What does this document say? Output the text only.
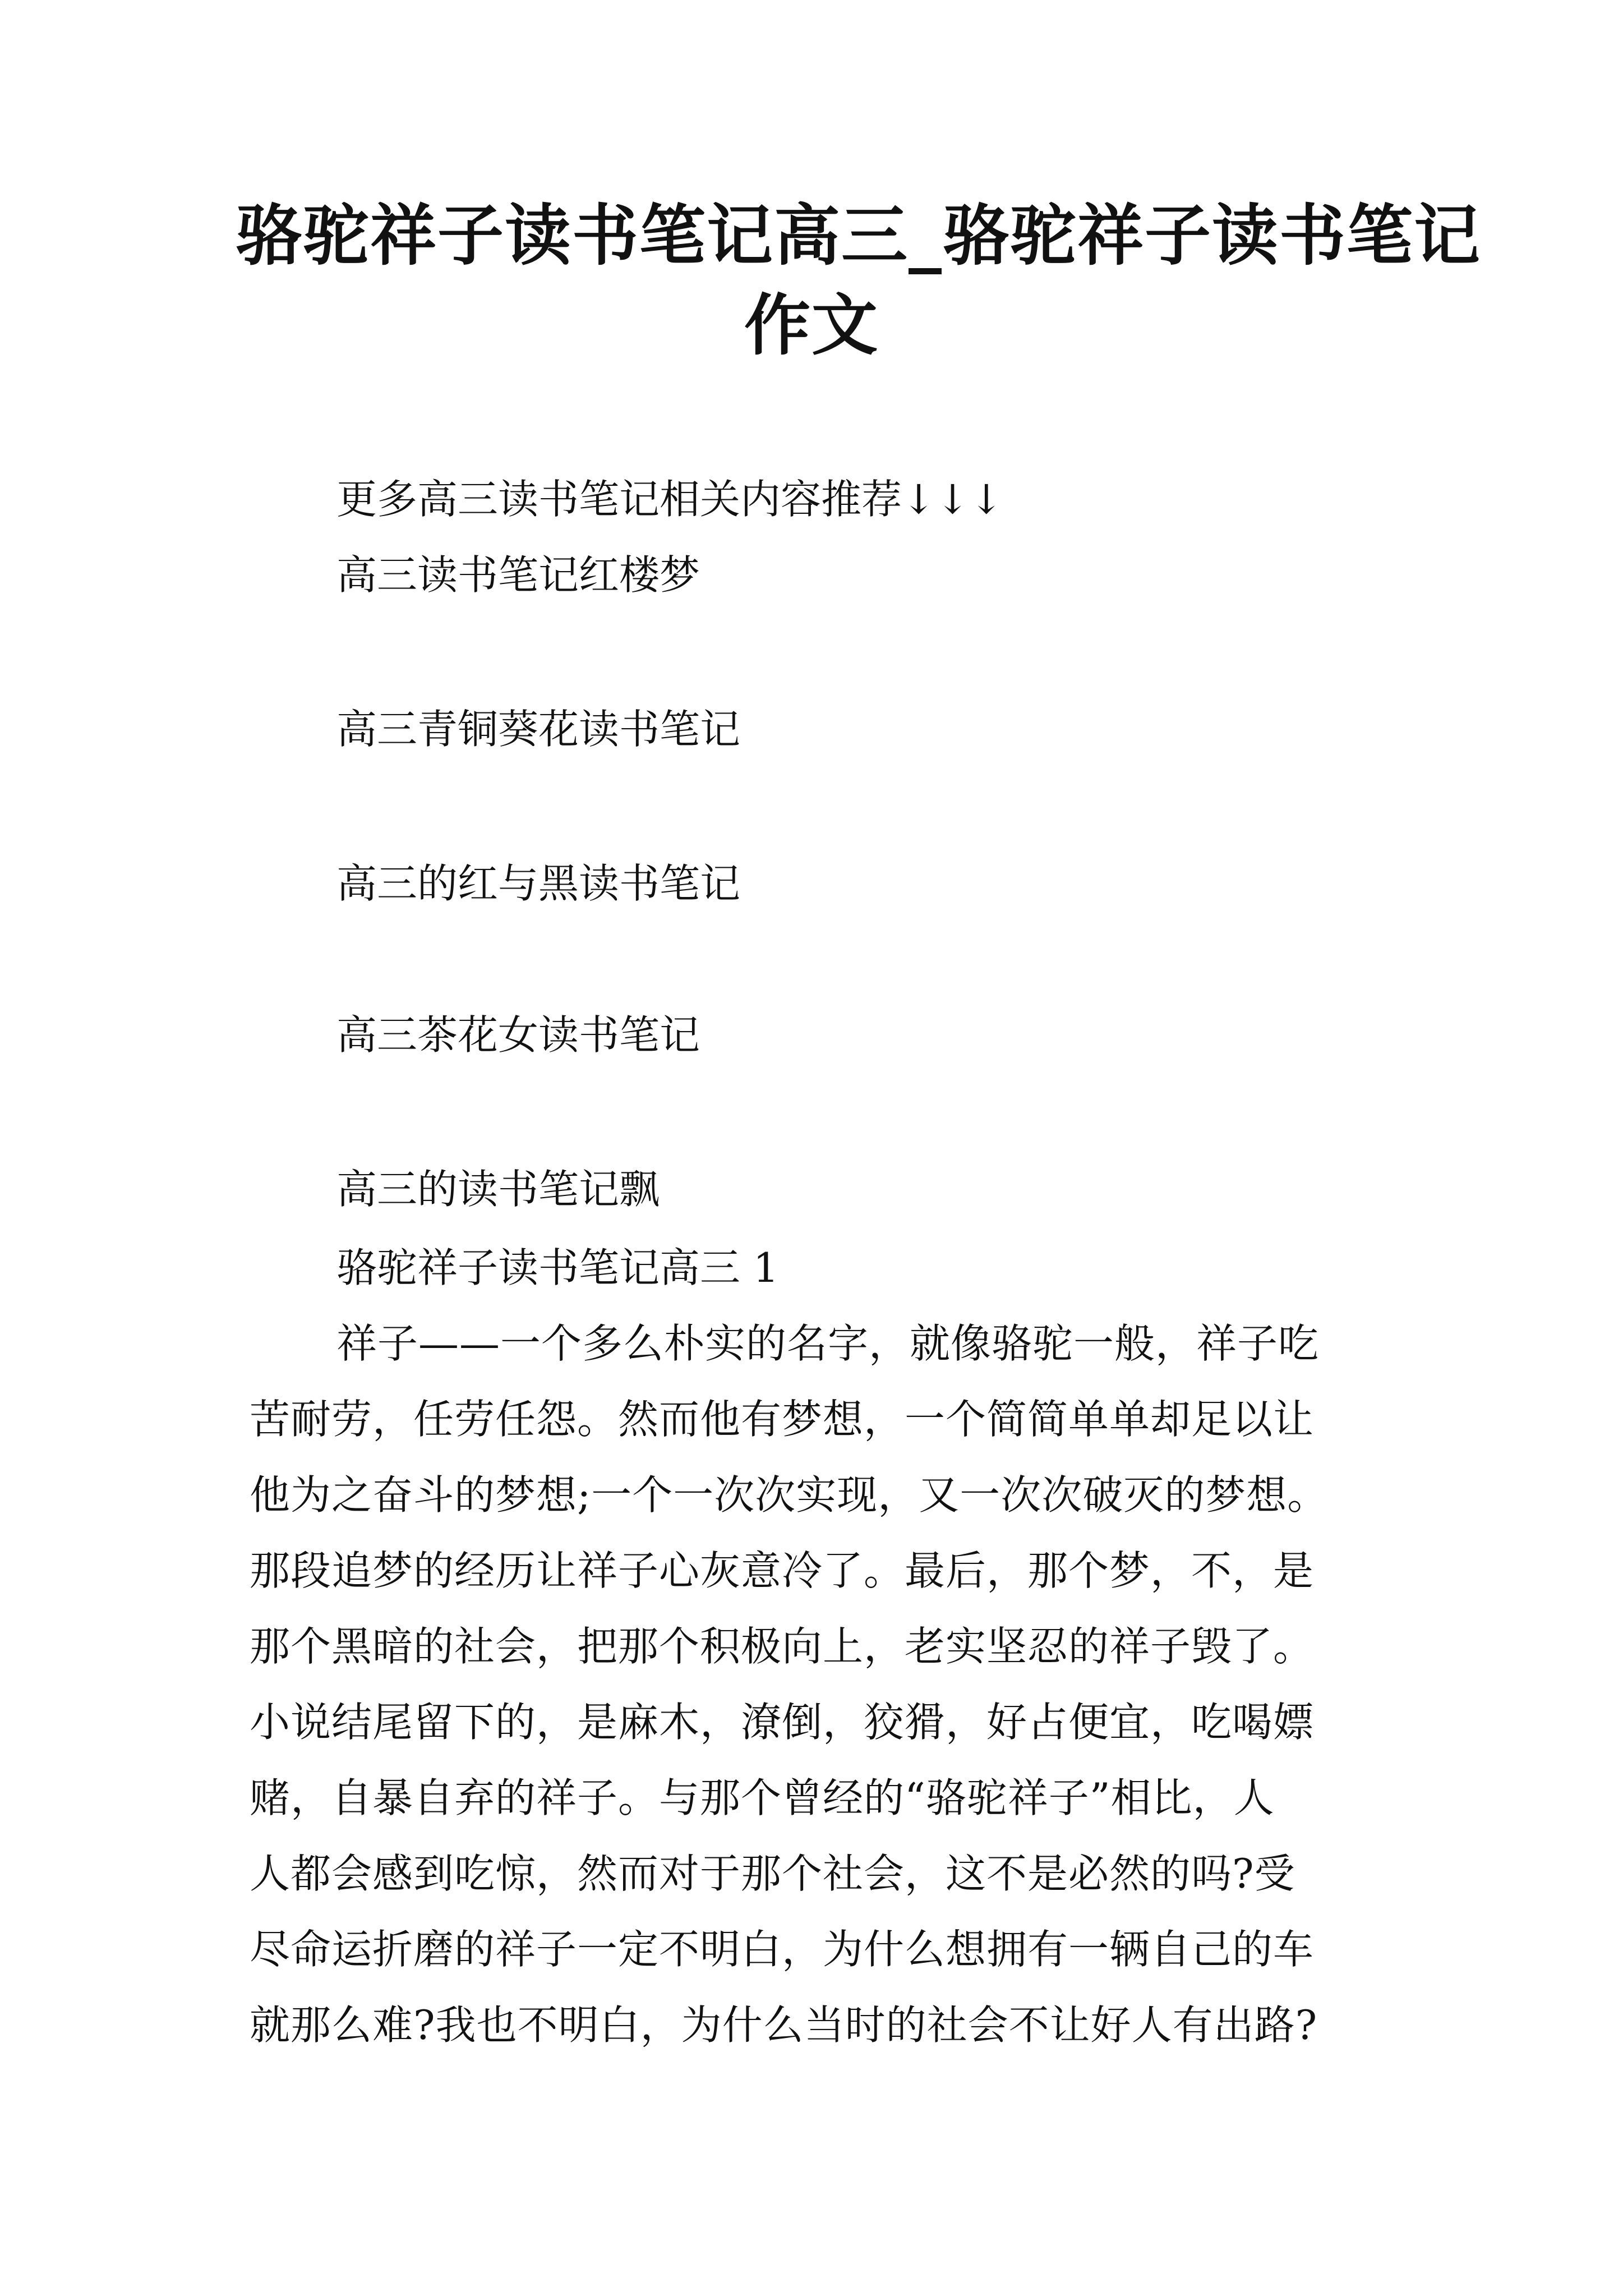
骆驼祥子读书笔记高三_骆驼祥子读书笔记
作文
更多高三读书笔记相关内容推荐↓↓↓
高三读书笔记红楼梦
高三青铜葵花读书笔记
高三的红与黑读书笔记
高三茶花女读书笔记
高三的读书笔记飘
骆驼祥子读书笔记高三 1
祥子——一个多么朴实的名字，就像骆驼一般，祥子吃
苦耐劳，任劳任怨。然而他有梦想，一个简简单单却足以让
他为之奋斗的梦想;一个一次次实现，又一次次破灭的梦想。
那段追梦的经历让祥子心灰意冷了。最后，那个梦，不，是
那个黑暗的社会，把那个积极向上，老实坚忍的祥子毁了。
小说结尾留下的，是麻木，潦倒，狡猾，好占便宜，吃喝嫖
赌，自暴自弃的祥子。与那个曾经的“骆驼祥子”相比，人
人都会感到吃惊，然而对于那个社会，这不是必然的吗?受
尽命运折磨的祥子一定不明白，为什么想拥有一辆自己的车
就那么难?我也不明白，为什么当时的社会不让好人有出路?
